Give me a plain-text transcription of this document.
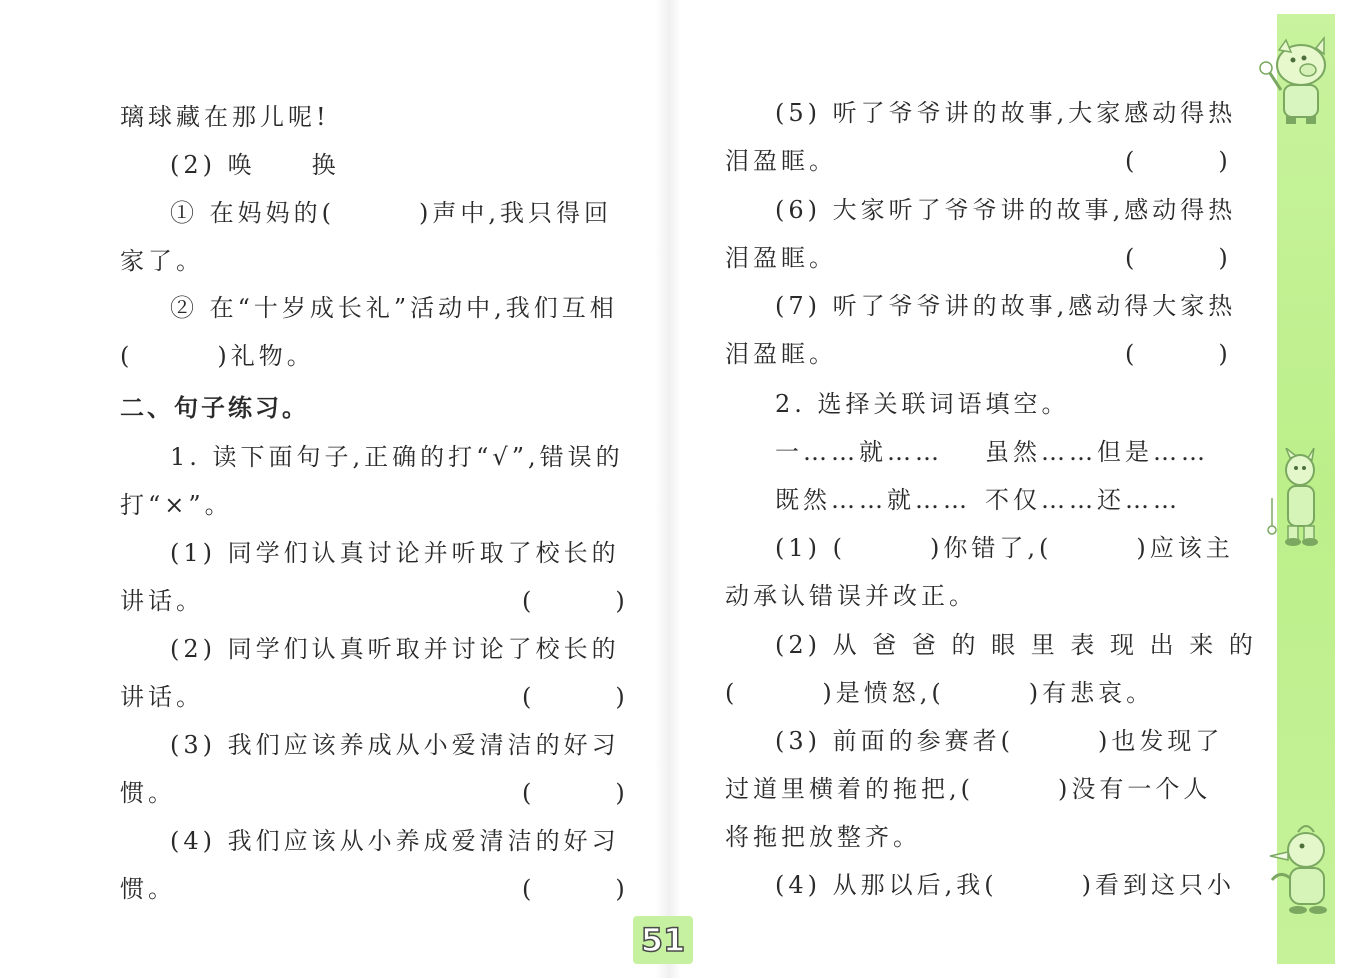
璃球藏在那儿呢!
(2) 唤　　换
① 在妈妈的(　　　)声中,我只得回
家了。
② 在“十岁成长礼”活动中,我们互相
(　　　)礼物。
二、句子练习。
1. 读下面句子,正确的打“√”,错误的
打“×”。
(1) 同学们认真讨论并听取了校长的
讲话。	(　)
(2) 同学们认真听取并讨论了校长的
讲话。	(　)
(3) 我们应该养成从小爱清洁的好习
惯。	(　)
(4) 我们应该从小养成爱清洁的好习
惯。	(　)
(5) 听了爷爷讲的故事,大家感动得热
泪盈眶。	(　)
(6) 大家听了爷爷讲的故事,感动得热
泪盈眶。	(　)
(7) 听了爷爷讲的故事,感动得大家热
泪盈眶。	(　)
2. 选择关联词语填空。
一……就…… 虽然……但是……
既然……就…… 不仅……还……
(1) (　　　)你错了,(　　　)应该主
动承认错误并改正。
(2) 从 爸 爸 的 眼 里 表 现 出 来 的
(　　　)是愤怒,(　　　)有悲哀。
(3) 前面的参赛者(　　　)也发现了
过道里横着的拖把,(　　　)没有一个人
将拖把放整齐。
(4) 从那以后,我(　　　)看到这只小
51
